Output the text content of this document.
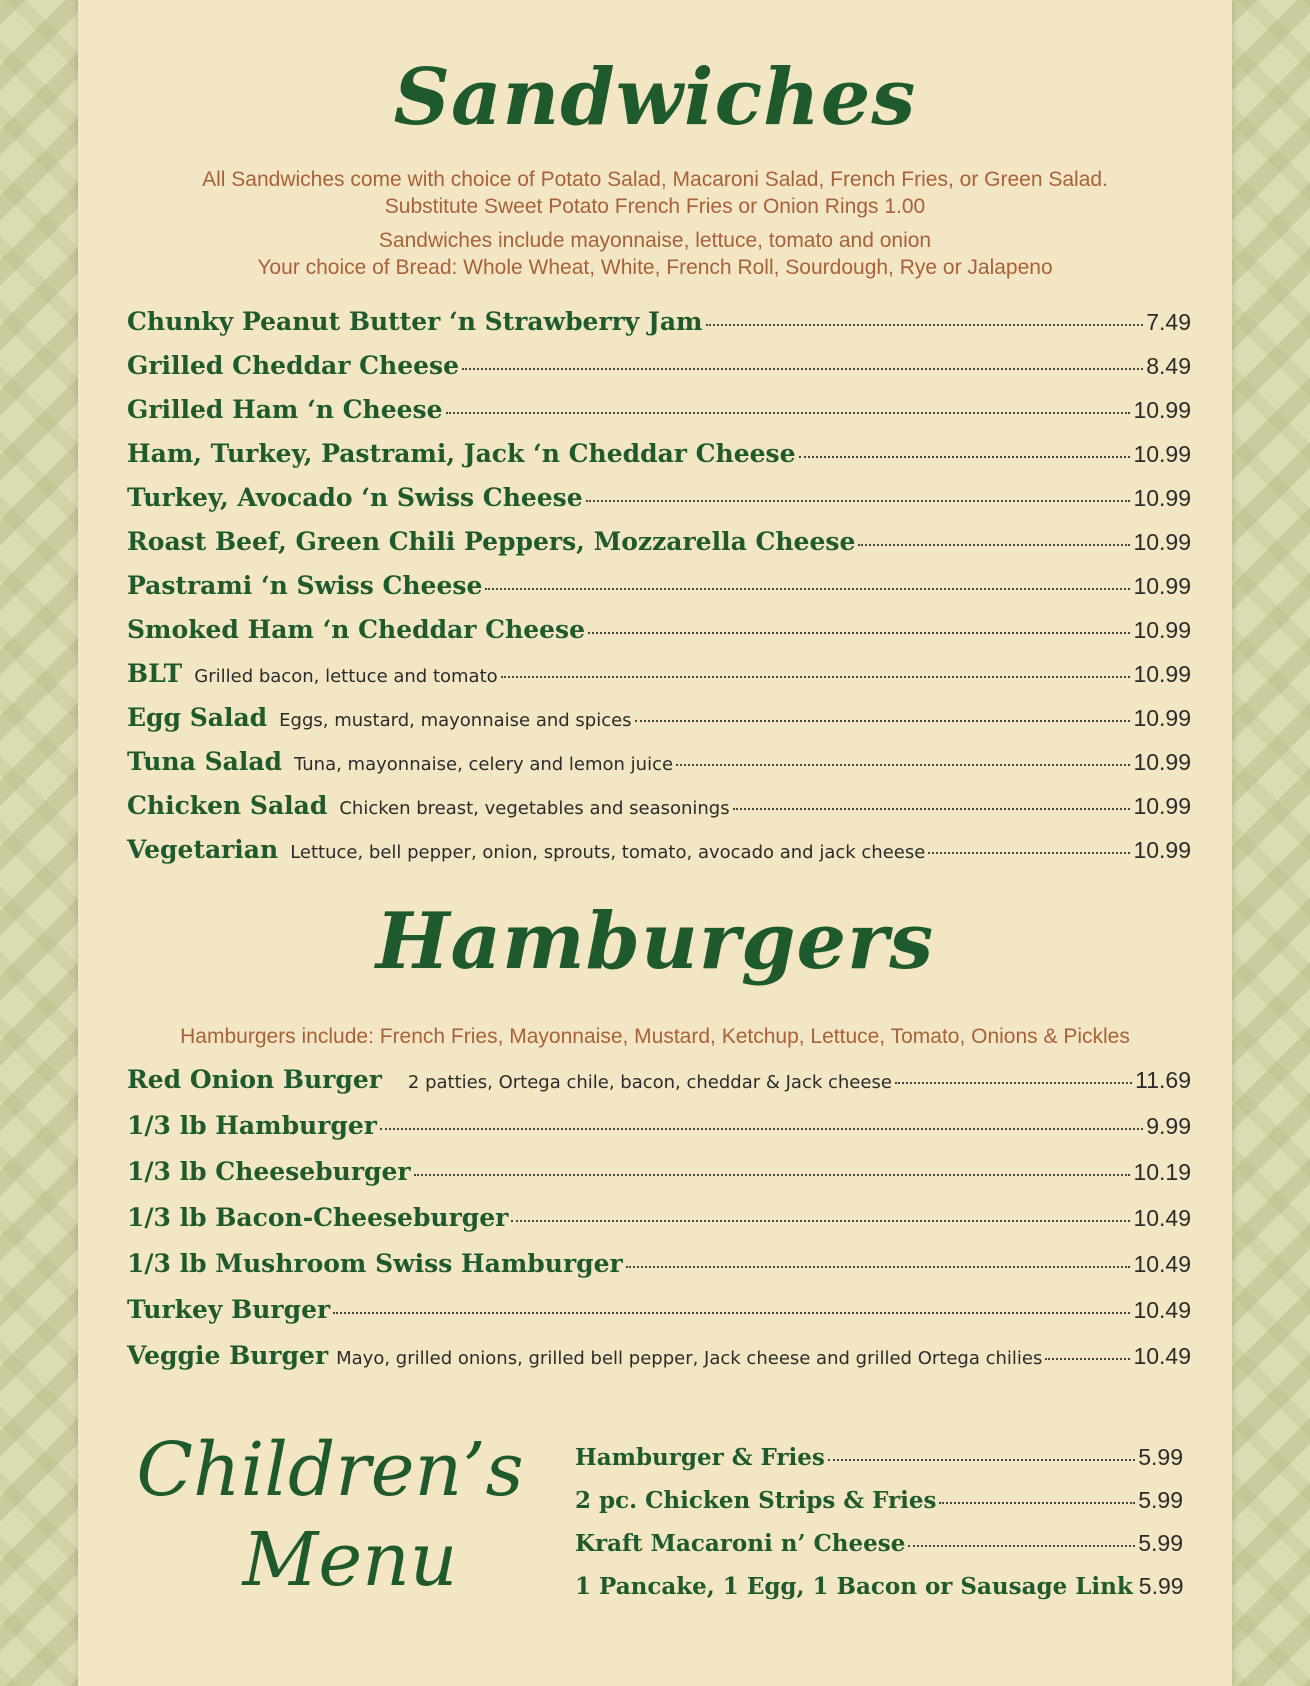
Sandwiches

All Sandwiches come with choice of Potato Salad, Macaroni Salad, French Fries, or Green Salad.

Substitute Sweet Potato French Fries or Onion Rings 1.00

Sandwiches include mayonnaise, lettuce, tomato and onion

Your choice of Bread: Whole Wheat, White, French Roll, Sourdough, Rye or Jalapeno

Chunky Peanut Butter ‘n Strawberry Jam	7.49
Grilled Cheddar Cheese	8.49
Grilled Ham ‘n Cheese	10.99
Ham, Turkey, Pastrami, Jack ‘n Cheddar Cheese	10.99
Turkey, Avocado ‘n Swiss Cheese	10.99
Roast Beef, Green Chili Peppers, Mozzarella Cheese	10.99
Pastrami ‘n Swiss Cheese	10.99
Smoked Ham ‘n Cheddar Cheese	10.99
BLT Grilled bacon, lettuce and tomato	10.99
Egg Salad Eggs, mustard, mayonnaise and spices	10.99
Tuna Salad Tuna, mayonnaise, celery and lemon juice	10.99
Chicken Salad Chicken breast, vegetables and seasonings	10.99
Vegetarian Lettuce, bell pepper, onion, sprouts, tomato, avocado and jack cheese	10.99
Hamburgers

Hamburgers include: French Fries, Mayonnaise, Mustard, Ketchup, Lettuce, Tomato, Onions & Pickles

Red Onion Burger 2 patties, Ortega chile, bacon, cheddar & Jack cheese	11.69
1/3 lb Hamburger	9.99
1/3 lb Cheeseburger	10.19
1/3 lb Bacon-Cheeseburger	10.49
1/3 lb Mushroom Swiss Hamburger	10.49
Turkey Burger	10.49
Veggie Burger Mayo, grilled onions, grilled bell pepper, Jack cheese and grilled Ortega chilies	10.49
Children’s
Menu
Hamburger & Fries	5.99
2 pc. Chicken Strips & Fries	5.99
Kraft Macaroni n’ Cheese	5.99
1 Pancake, 1 Egg, 1 Bacon or Sausage Link 5.99
